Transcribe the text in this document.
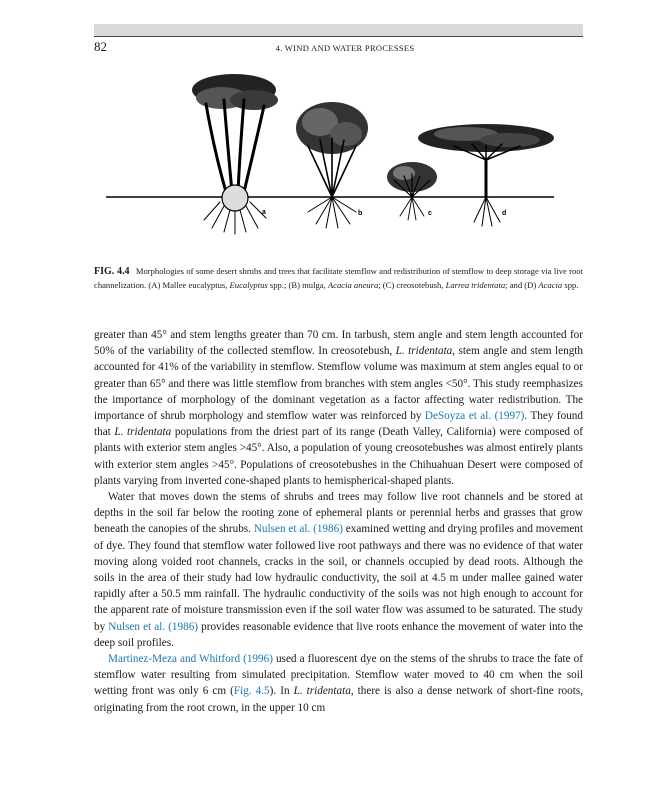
82	4. WIND AND WATER PROCESSES
a	b	c	d
FIG. 4.4 Morphologies of some desert shrubs and trees that facilitate stemflow and redistribution of stemflow to deep storage via live root channelization. (A) Mallee eucalyptus, Eucalyptus spp.; (B) mulga, Acacia aneura; (C) creosotebush, Larrea tridentata; and (D) Acacia spp.

greater than 45° and stem lengths greater than 70 cm. In tarbush, stem angle and stem length accounted for 50% of the variability of the collected stemflow. In creosotebush, L. tridentata, stem angle and stem length accounted for 41% of the variability in stemflow. Stemflow volume was maximum at stem angles equal to or greater than 65° and there was little stemflow from branches with stem angles <50°. This study reemphasizes the importance of morphology of the dominant vegetation as a factor affecting water redistribution. The importance of shrub morphology and stemflow water was reinforced by DeSoyza et al. (1997). They found that L. tridentata populations from the driest part of its range (Death Valley, California) were composed of plants with exterior stem angles >45°. Also, a population of young creosotebushes was almost entirely plants with exterior stem angles >45°. Populations of creosotebushes in the Chihuahuan Desert were composed of plants varying from inverted cone-shaped plants to hemispherical-shaped plants.

Water that moves down the stems of shrubs and trees may follow live root channels and be stored at depths in the soil far below the rooting zone of ephemeral plants or perennial herbs and grasses that grow beneath the canopies of the shrubs. Nulsen et al. (1986) examined wetting and drying profiles and movement of dye. They found that stemflow water followed live root pathways and there was no evidence of that water moving along voided root channels, cracks in the soil, or channels occupied by dead roots. Although the soils in the area of their study had low hydraulic conductivity, the soil at 4.5 m under mallee gained water rapidly after a 50.5 mm rainfall. The hydraulic conductivity of the soils was not high enough to account for the apparent rate of moisture transmission even if the soil water flow was assumed to be saturated. The study by Nulsen et al. (1986) provides reasonable evidence that live roots enhance the movement of water into the deep soil profiles.

Martinez-Meza and Whitford (1996) used a fluorescent dye on the stems of the shrubs to trace the fate of stemflow water resulting from simulated precipitation. Stemflow water moved to 40 cm when the soil wetting front was only 6 cm (Fig. 4.5). In L. tridentata, there is also a dense network of short-fine roots, originating from the root crown, in the upper 10 cm
